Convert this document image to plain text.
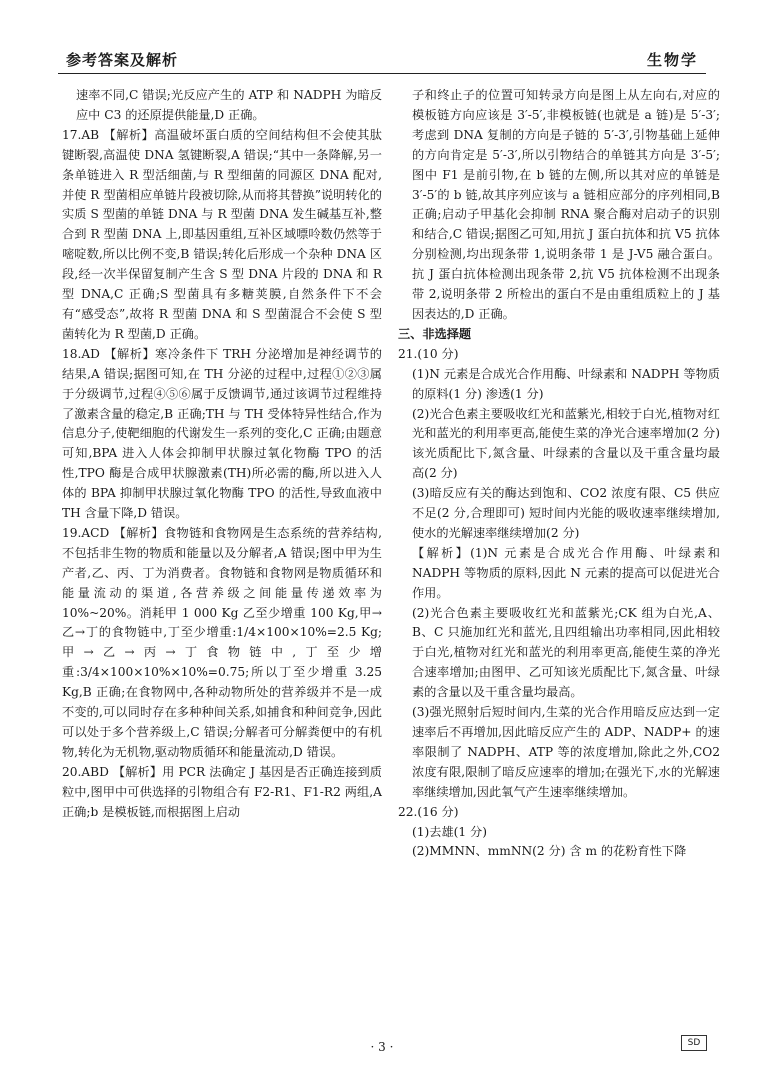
参考答案及解析	生物学

速率不同,C 错误;光反应产生的 ATP 和 NADPH 为暗反应中 C3 的还原提供能量,D 正确。

17.AB 【解析】高温破坏蛋白质的空间结构但不会使其肽键断裂,高温使 DNA 氢键断裂,A 错误;“其中一条降解,另一条单链进入 R 型活细菌,与 R 型细菌的同源区 DNA 配对,并使 R 型菌相应单链片段被切除,从而将其替换”说明转化的实质 S 型菌的单链 DNA 与 R 型菌 DNA 发生碱基互补,整合到 R 型菌 DNA 上,即基因重组,互补区域嘌呤数仍然等于嘧啶数,所以比例不变,B 错误;转化后形成一个杂种 DNA 区段,经一次半保留复制产生含 S 型 DNA 片段的 DNA 和 R 型 DNA,C 正确;S 型菌具有多糖荚膜,自然条件下不会有“感受态”,故将 R 型菌 DNA 和 S 型菌混合不会使 S 型菌转化为 R 型菌,D 正确。

18.AD 【解析】寒冷条件下 TRH 分泌增加是神经调节的结果,A 错误;据图可知,在 TH 分泌的过程中,过程①②③属于分级调节,过程④⑤⑥属于反馈调节,通过该调节过程维持了激素含量的稳定,B 正确;TH 与 TH 受体特异性结合,作为信息分子,使靶细胞的代谢发生一系列的变化,C 正确;由题意可知,BPA 进入人体会抑制甲状腺过氧化物酶 TPO 的活性,TPO 酶是合成甲状腺激素(TH)所必需的酶,所以进入人体的 BPA 抑制甲状腺过氧化物酶 TPO 的活性,导致血液中 TH 含量下降,D 错误。

19.ACD 【解析】食物链和食物网是生态系统的营养结构,不包括非生物的物质和能量以及分解者,A 错误;图中甲为生产者,乙、丙、丁为消费者。食物链和食物网是物质循环和能量流动的渠道,各营养级之间能量传递效率为 10%~20%。消耗甲 1 000 Kg 乙至少增重 100 Kg,甲→乙→丁的食物链中,丁至少增重:1/4×100×10%=2.5 Kg;甲→乙→丙→丁食物链中,丁至少增重:3/4×100×10%×10%=0.75;所以丁至少增重 3.25 Kg,B 正确;在食物网中,各种动物所处的营养级并不是一成不变的,可以同时存在多种种间关系,如捕食和种间竞争,因此可以处于多个营养级上,C 错误;分解者可分解粪便中的有机物,转化为无机物,驱动物质循环和能量流动,D 错误。

20.ABD 【解析】用 PCR 法确定 J 基因是否正确连接到质粒中,图甲中可供选择的引物组合有 F2-R1、F1-R2 两组,A 正确;b 是模板链,而根据图上启动

子和终止子的位置可知转录方向是图上从左向右,对应的模板链方向应该是 3′-5′,非模板链(也就是 a 链)是 5′-3′;考虑到 DNA 复制的方向是子链的 5′-3′,引物基础上延伸的方向肯定是 5′-3′,所以引物结合的单链其方向是 3′-5′;图中 F1 是前引物,在 b 链的左侧,所以其对应的单链是 3′-5′的 b 链,故其序列应该与 a 链相应部分的序列相同,B 正确;启动子甲基化会抑制 RNA 聚合酶对启动子的识别和结合,C 错误;据图乙可知,用抗 J 蛋白抗体和抗 V5 抗体分别检测,均出现条带 1,说明条带 1 是 J-V5 融合蛋白。抗 J 蛋白抗体检测出现条带 2,抗 V5 抗体检测不出现条带 2,说明条带 2 所检出的蛋白不是由重组质粒上的 J 基因表达的,D 正确。

三、非选择题

21.(10 分)

(1)N 元素是合成光合作用酶、叶绿素和 NADPH 等物质的原料(1 分) 渗透(1 分)

(2)光合色素主要吸收红光和蓝紫光,相较于白光,植物对红光和蓝光的利用率更高,能使生菜的净光合速率增加(2 分) 该光质配比下,氮含量、叶绿素的含量以及干重含量均最高(2 分)

(3)暗反应有关的酶达到饱和、CO2 浓度有限、C5 供应不足(2 分,合理即可) 短时间内光能的吸收速率继续增加,使水的光解速率继续增加(2 分)

【解析】(1)N 元素是合成光合作用酶、叶绿素和 NADPH 等物质的原料,因此 N 元素的提高可以促进光合作用。

(2)光合色素主要吸收红光和蓝紫光;CK 组为白光,A、B、C 只施加红光和蓝光,且四组输出功率相同,因此相较于白光,植物对红光和蓝光的利用率更高,能使生菜的净光合速率增加;由图甲、乙可知该光质配比下,氮含量、叶绿素的含量以及干重含量均最高。

(3)强光照射后短时间内,生菜的光合作用暗反应达到一定速率后不再增加,因此暗反应产生的 ADP、NADP+ 的速率限制了 NADPH、ATP 等的浓度增加,除此之外,CO2 浓度有限,限制了暗反应速率的增加;在强光下,水的光解速率继续增加,因此氧气产生速率继续增加。

22.(16 分)

(1)去雄(1 分)

(2)MMNN、mmNN(2 分) 含 m 的花粉育性下降

· 3 ·	SD
